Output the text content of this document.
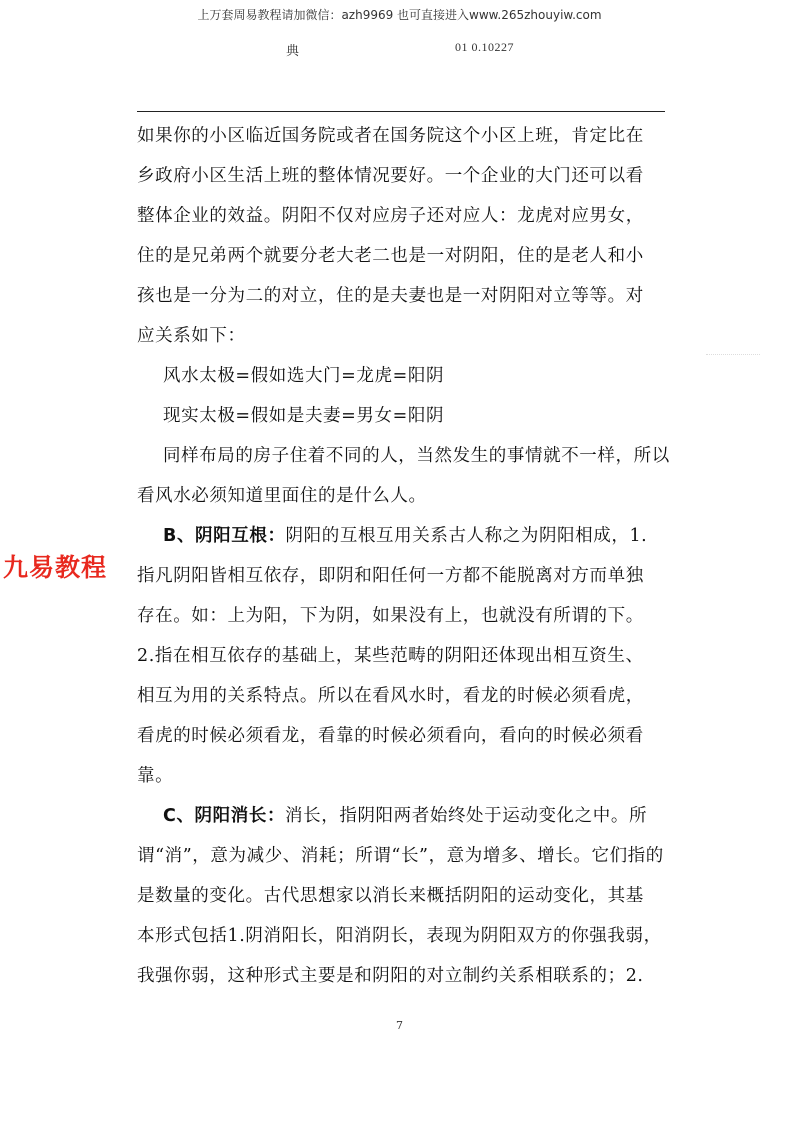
上万套周易教程请加微信：azh9969 也可直接进入www.265zhouyiw.com
典	01 0.10227
如果你的小区临近国务院或者在国务院这个小区上班，肯定比在
乡政府小区生活上班的整体情况要好。一个企业的大门还可以看
整体企业的效益。阴阳不仅对应房子还对应人：龙虎对应男女，
住的是兄弟两个就要分老大老二也是一对阴阳，住的是老人和小
孩也是一分为二的对立，住的是夫妻也是一对阴阳对立等等。对
应关系如下：
风水太极=假如选大门=龙虎=阳阴
现实太极=假如是夫妻=男女=阳阴
同样布局的房子住着不同的人，当然发生的事情就不一样，所以
看风水必须知道里面住的是什么人。
B、阴阳互根：阴阳的互根互用关系古人称之为阴阳相成，1.
指凡阴阳皆相互依存，即阴和阳任何一方都不能脱离对方而单独
存在。如：上为阳，下为阴，如果没有上，也就没有所谓的下。
2.指在相互依存的基础上，某些范畴的阴阳还体现出相互资生、
相互为用的关系特点。所以在看风水时，看龙的时候必须看虎，
看虎的时候必须看龙，看靠的时候必须看向，看向的时候必须看
靠。
C、阴阳消长：消长，指阴阳两者始终处于运动变化之中。所
谓“消”，意为减少、消耗；所谓“长”，意为增多、增长。它们指的
是数量的变化。古代思想家以消长来概括阴阳的运动变化，其基
本形式包括1.阴消阳长，阳消阴长，表现为阴阳双方的你强我弱，
我强你弱，这种形式主要是和阴阳的对立制约关系相联系的；2.
九易教程
7
